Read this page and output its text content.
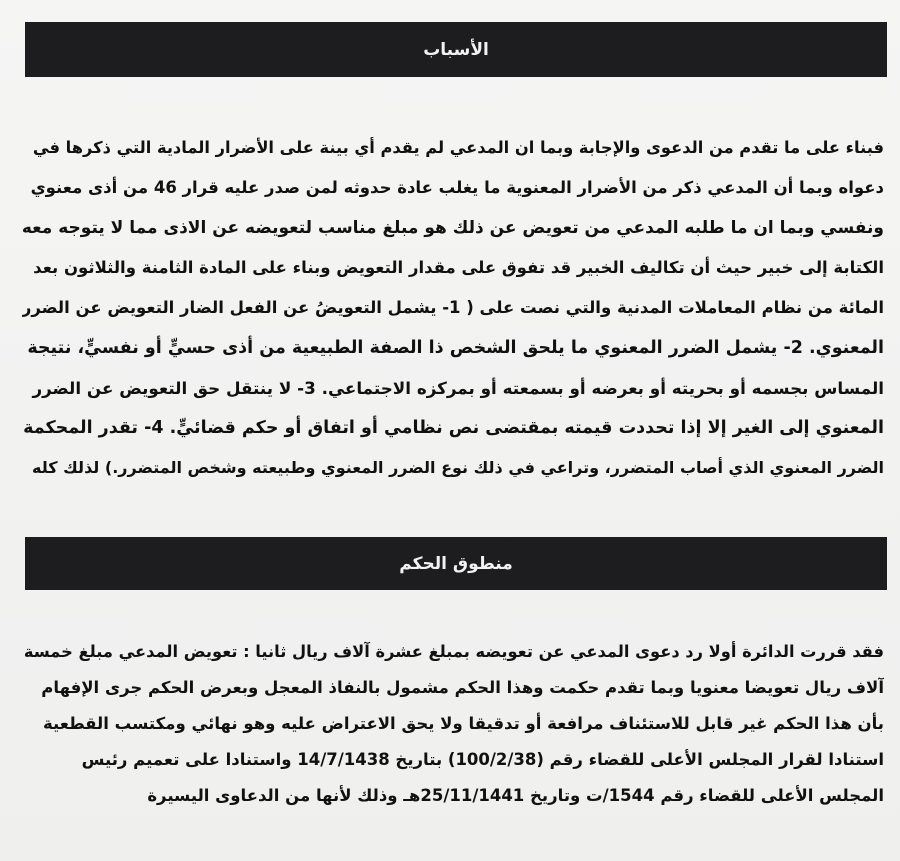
الأسباب
فبناء على ما تقدم من الدعوى والإجابة وبما ان المدعي لم يقدم أي بينة على الأضرار المادية التي ذكرها في
دعواه وبما أن المدعي ذكر من الأضرار المعنوية ما يغلب عادة حدوثه لمن صدر عليه قرار 46 من أذى معنوي
ونفسي وبما ان ما طلبه المدعي من تعويض عن ذلك هو مبلغ مناسب لتعويضه عن الاذى مما لا يتوجه معه
الكتابة إلى خبير حيث أن تكاليف الخبير قد تفوق على مقدار التعويض وبناء على المادة الثامنة والثلاثون بعد
المائة من نظام المعاملات المدنية والتي نصت على ( 1- يشمل التعويضُ عن الفعل الضار التعويض عن الضرر
المعنوي. 2- يشمل الضرر المعنوي ما يلحق الشخص ذا الصفة الطبيعية من أذى حسيٍّ أو نفسيٍّ، نتيجة
المساس بجسمه أو بحريته أو بعرضه أو بسمعته أو بمركزه الاجتماعي. 3- لا ينتقل حق التعويض عن الضرر
المعنوي إلى الغير إلا إذا تحددت قيمته بمقتضى نص نظامي أو اتفاق أو حكم قضائيٍّ. 4- تقدر المحكمة
الضرر المعنوي الذي أصاب المتضرر، وتراعي في ذلك نوع الضرر المعنوي وطبيعته وشخص المتضرر.) لذلك كله
منطوق الحكم
فقد قررت الدائرة أولا رد دعوى المدعي عن تعويضه بمبلغ عشرة آلاف ريال ثانيا : تعويض المدعي مبلغ خمسة
آلاف ريال تعويضا معنويا وبما تقدم حكمت وهذا الحكم مشمول بالنفاذ المعجل وبعرض الحكم جرى الإفهام
بأن هذا الحكم غير قابل للاستئناف مرافعة أو تدقيقا ولا يحق الاعتراض عليه وهو نهائي ومكتسب القطعية
استنادا لقرار المجلس الأعلى للقضاء رقم (100/2/38) بتاريخ 14/7/1438 واستنادا على تعميم رئيس
المجلس الأعلى للقضاء رقم 1544/ت وتاريخ 25/11/1441هـ وذلك لأنها من الدعاوى اليسيرة
